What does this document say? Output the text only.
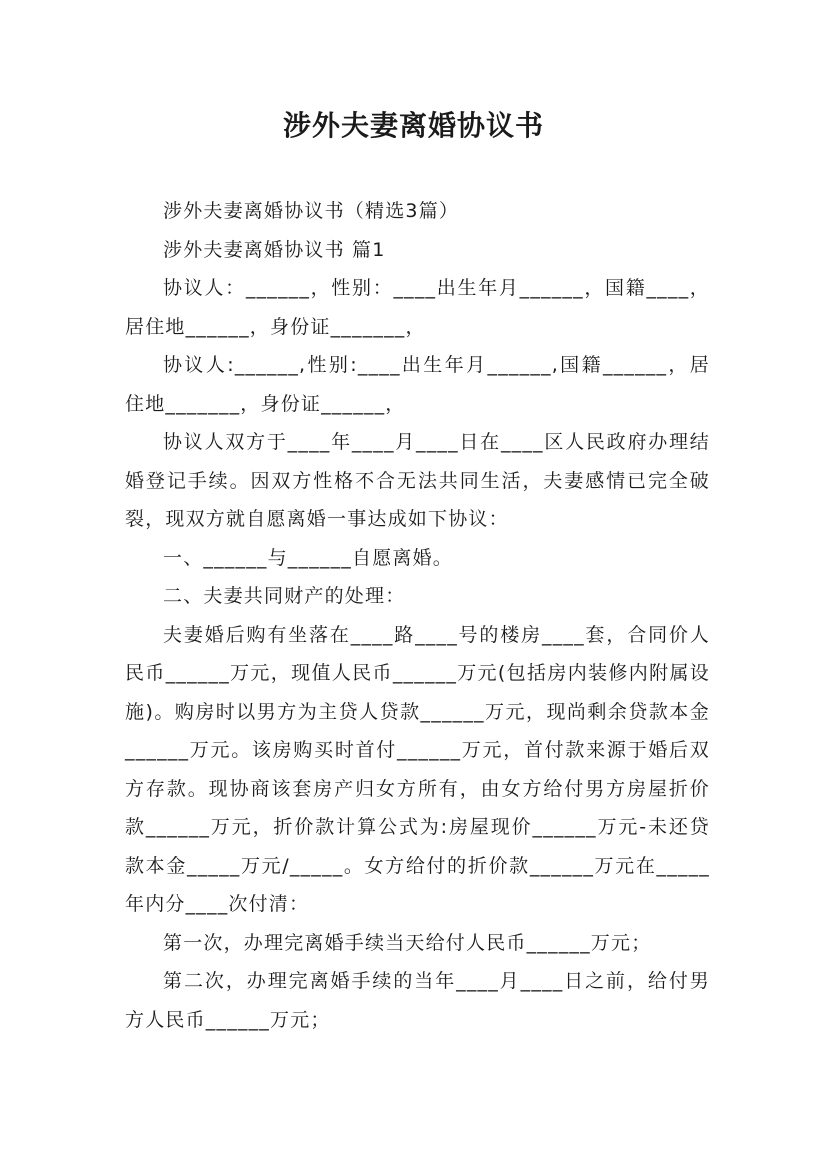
涉外夫妻离婚协议书

涉外夫妻离婚协议书（精选3篇）

涉外夫妻离婚协议书 篇1

协议人：______，性别：____出生年月______，国籍____，居住地______，身份证_______，

协议人:______,性别:____出生年月______,国籍______，居住地_______，身份证______，

协议人双方于____年____月____日在____区人民政府办理结婚登记手续。因双方性格不合无法共同生活，夫妻感情已完全破裂，现双方就自愿离婚一事达成如下协议：

一、______与______自愿离婚。

二、夫妻共同财产的处理：

夫妻婚后购有坐落在____路____号的楼房____套，合同价人民币______万元，现值人民币______万元(包括房内装修内附属设施)。购房时以男方为主贷人贷款______万元，现尚剩余贷款本金______万元。该房购买时首付______万元，首付款来源于婚后双方存款。现协商该套房产归女方所有，由女方给付男方房屋折价款______万元，折价款计算公式为:房屋现价______万元-未还贷款本金_____万元/_____。女方给付的折价款______万元在_____年内分____次付清：

第一次，办理完离婚手续当天给付人民币______万元；

第二次，办理完离婚手续的当年____月____日之前，给付男方人民币______万元；
